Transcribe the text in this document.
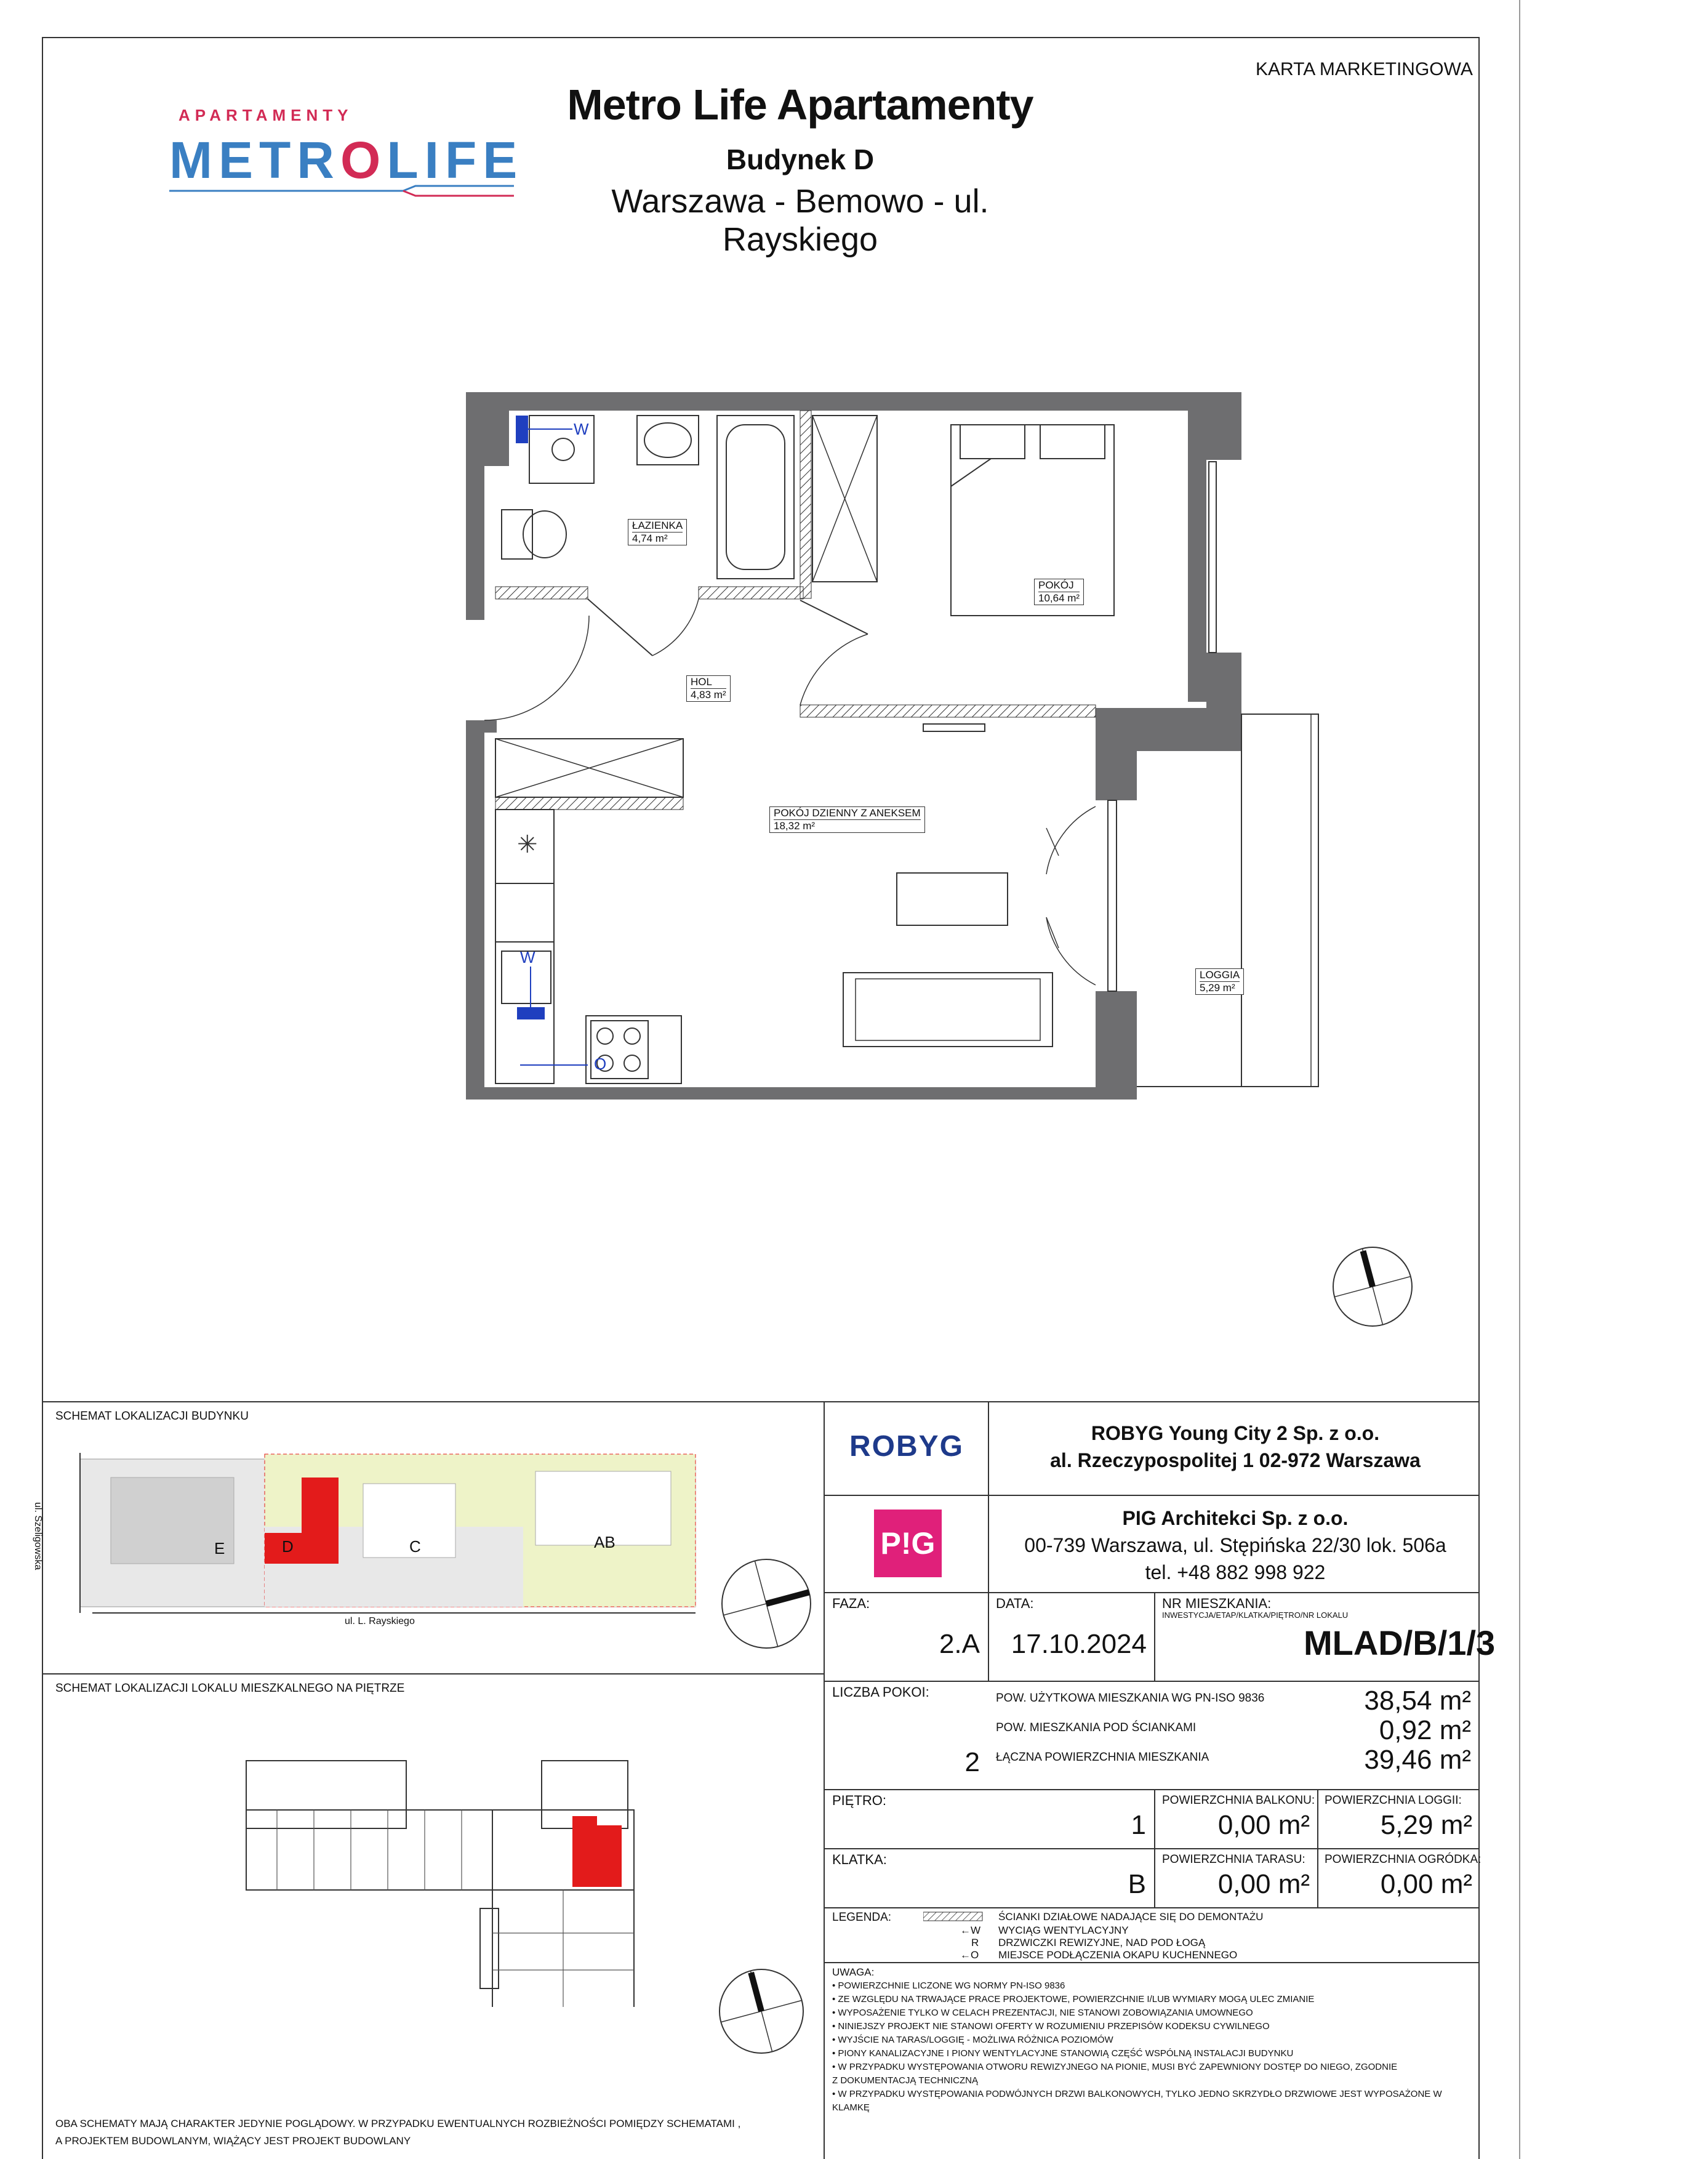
KARTA MARKETINGOWA
Metro Life Apartamenty
Budynek D
Warszawa - Bemowo - ul. Rayskiego
APARTAMENTY
METROLIFE
✳
W
W
O
ŁAZIENKA
4,74 m²
POKÓJ
10,64 m²
HOL
4,83 m²
POKÓJ DZIENNY Z ANEKSEM
18,32 m²
LOGGIA
5,29 m²
SCHEMAT LOKALIZACJI BUDYNKU
ul. Szeligowska
ul. L. Rayskiego
E	D	C	AB
SCHEMAT LOKALIZACJI LOKALU MIESZKALNEGO NA PIĘTRZE
OBA SCHEMATY MAJĄ CHARAKTER JEDYNIE POGLĄDOWY. W PRZYPADKU EWENTUALNYCH ROZBIEŻNOŚCI POMIĘDZY SCHEMATAMI ,
A PROJEKTEM BUDOWLANYM, WIĄŻĄCY JEST PROJEKT BUDOWLANY
ROBYG	ROBYG Young City 2 Sp. z o.o.
al. Rzeczypospolitej 1 02-972 Warszawa
P!G
PIG Architekci Sp. z o.o.
00-739 Warszawa, ul. Stępińska 22/30 lok. 506a
tel. +48 882 998 922
FAZA:
2.A
DATA:
17.10.2024
NR MIESZKANIA:
INWESTYCJA/ETAP/KLATKA/PIĘTRO/NR LOKALU
MLAD/B/1/3
LICZBA POKOI:
2
POW. UŻYTKOWA MIESZKANIA WG PN-ISO 9836	38,54 m²
POW. MIESZKANIA POD ŚCIANKAMI	0,92 m²
ŁĄCZNA POWIERZCHNIA MIESZKANIA	39,46 m²
PIĘTRO:
1
POWIERZCHNIA BALKONU:
0,00 m²
POWIERZCHNIA LOGGII:
5,29 m²
KLATKA:
B
POWIERZCHNIA TARASU:
0,00 m²
POWIERZCHNIA OGRÓDKA:
0,00 m²
LEGENDA:
←W
R
←O
ŚCIANKI DZIAŁOWE NADAJĄCE SIĘ DO DEMONTAŻU
WYCIĄG WENTYLACYJNY
DRZWICZKI REWIZYJNE, NAD POD ŁOGĄ
MIEJSCE PODŁĄCZENIA OKAPU KUCHENNEGO
UWAGA:
• POWIERZCHNIE LICZONE WG NORMY PN-ISO 9836
• ZE WZGLĘDU NA TRWAJĄCE PRACE PROJEKTOWE, POWIERZCHNIE I/LUB WYMIARY MOGĄ ULEC ZMIANIE
• WYPOSAŻENIE TYLKO W CELACH PREZENTACJI, NIE STANOWI ZOBOWIĄZANIA UMOWNEGO
• NINIEJSZY PROJEKT NIE STANOWI OFERTY W ROZUMIENIU PRZEPISÓW KODEKSU CYWILNEGO
• WYJŚCIE NA TARAS/LOGGIĘ - MOŻLIWA RÓŻNICA POZIOMÓW
• PIONY KANALIZACYJNE I PIONY WENTYLACYJNE STANOWIĄ CZĘŚĆ WSPÓLNĄ INSTALACJI BUDYNKU
• W PRZYPADKU WYSTĘPOWANIA OTWORU REWIZYJNEGO NA PIONIE, MUSI BYĆ ZAPEWNIONY DOSTĘP DO NIEGO, ZGODNIE
Z DOKUMENTACJĄ TECHNICZNĄ
• W PRZYPADKU WYSTĘPOWANIA PODWÓJNYCH DRZWI BALKONOWYCH, TYLKO JEDNO SKRZYDŁO DRZWIOWE JEST WYPOSAŻONE W
KLAMKĘ
